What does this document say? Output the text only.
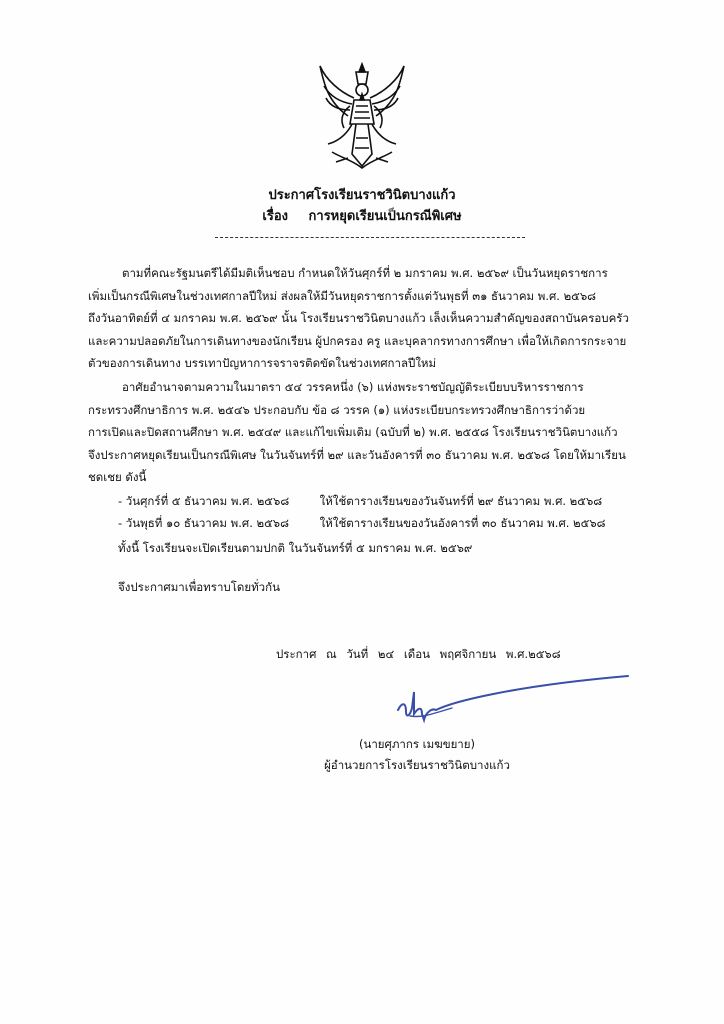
ประกาศโรงเรียนราชวินิตบางแก้ว
เรื่อง การหยุดเรียนเป็นกรณีพิเศษ
ตามที่คณะรัฐมนตรีได้มีมติเห็นชอบ กำหนดให้วันศุกร์ที่ ๒ มกราคม พ.ศ. ๒๕๖๙ เป็นวันหยุดราชการ
เพิ่มเป็นกรณีพิเศษในช่วงเทศกาลปีใหม่ ส่งผลให้มีวันหยุดราชการตั้งแต่วันพุธที่ ๓๑ ธันวาคม พ.ศ. ๒๕๖๘
ถึงวันอาทิตย์ที่ ๔ มกราคม พ.ศ. ๒๕๖๙ นั้น โรงเรียนราชวินิตบางแก้ว เล็งเห็นความสำคัญของสถาบันครอบครัว
และความปลอดภัยในการเดินทางของนักเรียน ผู้ปกครอง ครู และบุคลากรทางการศึกษา เพื่อให้เกิดการกระจาย
ตัวของการเดินทาง บรรเทาปัญหาการจราจรติดขัดในช่วงเทศกาลปีใหม่
อาศัยอำนาจตามความในมาตรา ๕๔ วรรคหนึ่ง (๖) แห่งพระราชบัญญัติระเบียบบริหารราชการ
กระทรวงศึกษาธิการ พ.ศ. ๒๕๔๖ ประกอบกับ ข้อ ๘ วรรค (๑) แห่งระเบียบกระทรวงศึกษาธิการว่าด้วย
การเปิดและปิดสถานศึกษา พ.ศ. ๒๕๔๙ และแก้ไขเพิ่มเติม (ฉบับที่ ๒) พ.ศ. ๒๕๕๘ โรงเรียนราชวินิตบางแก้ว
จึงประกาศหยุดเรียนเป็นกรณีพิเศษ ในวันจันทร์ที่ ๒๙ และวันอังคารที่ ๓๐ ธันวาคม พ.ศ. ๒๕๖๘ โดยให้มาเรียน
ชดเชย ดังนี้
- วันศุกร์ที่ ๕ ธันวาคม พ.ศ. ๒๕๖๘	ให้ใช้ตารางเรียนของวันจันทร์ที่ ๒๙ ธันวาคม พ.ศ. ๒๕๖๘
- วันพุธที่ ๑๐ ธันวาคม พ.ศ. ๒๕๖๘	ให้ใช้ตารางเรียนของวันอังคารที่ ๓๐ ธันวาคม พ.ศ. ๒๕๖๘
ทั้งนี้ โรงเรียนจะเปิดเรียนตามปกติ ในวันจันทร์ที่ ๕ มกราคม พ.ศ. ๒๕๖๙
จึงประกาศมาเพื่อทราบโดยทั่วกัน
ประกาศ ณ วันที่ ๒๔ เดือน พฤศจิกายน พ.ศ.๒๕๖๘
(นายศุภากร เมฆขยาย)
ผู้อำนวยการโรงเรียนราชวินิตบางแก้ว
